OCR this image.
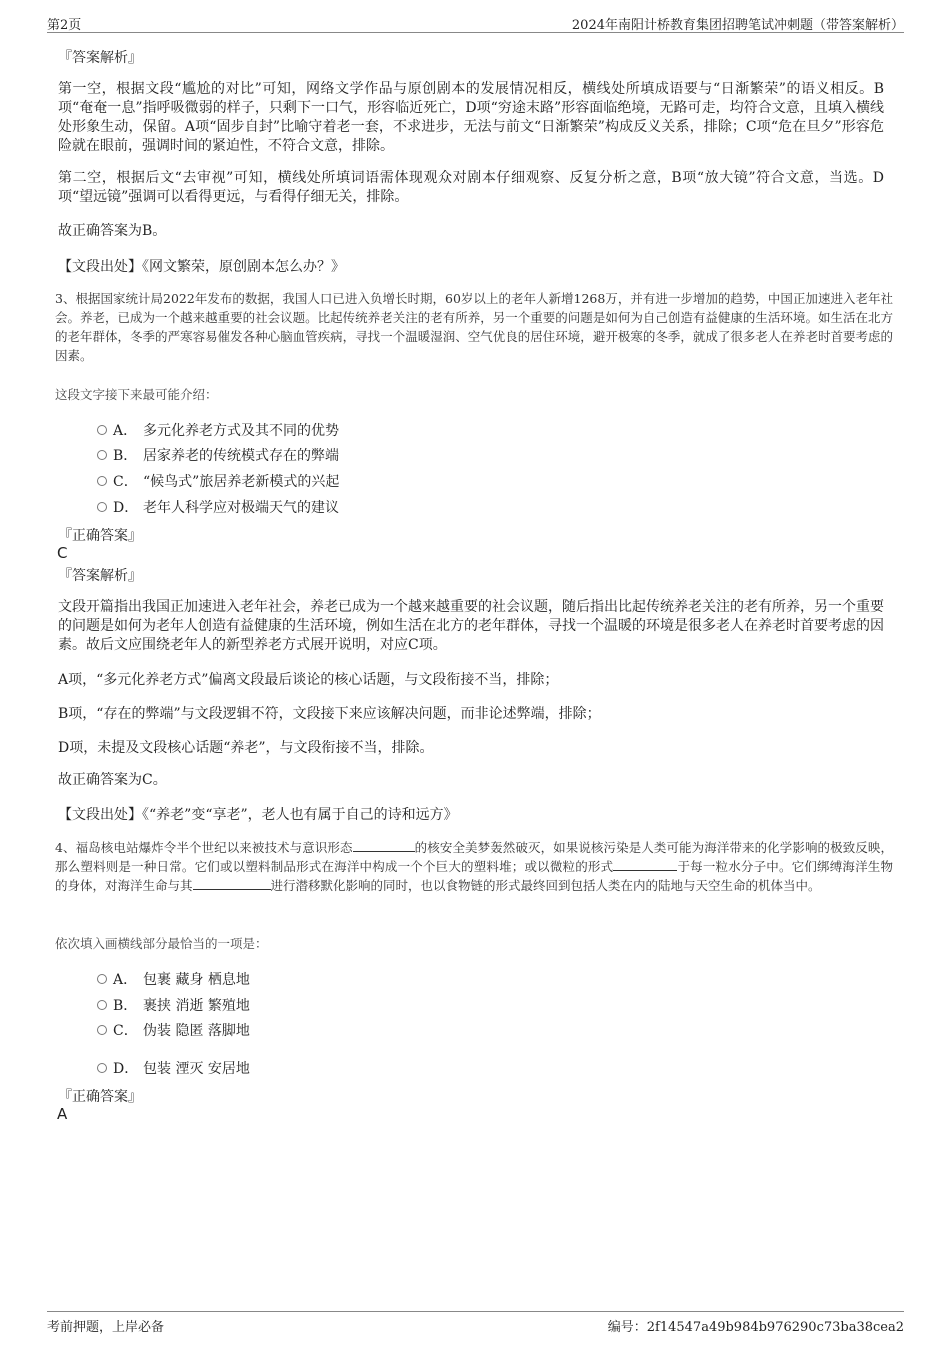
第2页	2024年南阳计桥教育集团招聘笔试冲刺题（带答案解析）
『答案解析』

第一空，根据文段“尴尬的对比”可知，网络文学作品与原创剧本的发展情况相反，横线处所填成语要与“日渐繁荣”的语义相反。B项“奄奄一息”指呼吸微弱的样子，只剩下一口气，形容临近死亡，D项“穷途末路”形容面临绝境，无路可走，均符合文意，且填入横线处形象生动，保留。A项“固步自封”比喻守着老一套，不求进步，无法与前文“日渐繁荣”构成反义关系，排除；C项“危在旦夕”形容危险就在眼前，强调时间的紧迫性，不符合文意，排除。

第二空，根据后文“去审视”可知，横线处所填词语需体现观众对剧本仔细观察、反复分析之意，B项“放大镜”符合文意，当选。D项“望远镜”强调可以看得更远，与看得仔细无关，排除。

故正确答案为B。
【文段出处】《网文繁荣，原创剧本怎么办？》

3、根据国家统计局2022年发布的数据，我国人口已进入负增长时期，60岁以上的老年人新增1268万，并有进一步增加的趋势，中国正加速进入老年社会。养老，已成为一个越来越重要的社会议题。比起传统养老关注的老有所养，另一个重要的问题是如何为自己创造有益健康的生活环境。如生活在北方的老年群体，冬季的严寒容易催发各种心脑血管疾病，寻找一个温暖湿润、空气优良的居住环境，避开极寒的冬季，就成了很多老人在养老时首要考虑的因素。

这段文字接下来最可能介绍：
A． 多元化养老方式及其不同的优势
B． 居家养老的传统模式存在的弊端
C． “候鸟式”旅居养老新模式的兴起
D． 老年人科学应对极端天气的建议
『正确答案』
C
『答案解析』

文段开篇指出我国正加速进入老年社会，养老已成为一个越来越重要的社会议题，随后指出比起传统养老关注的老有所养，另一个重要的问题是如何为老年人创造有益健康的生活环境，例如生活在北方的老年群体，寻找一个温暖的环境是很多老人在养老时首要考虑的因素。故后文应围绕老年人的新型养老方式展开说明，对应C项。

A项，“多元化养老方式”偏离文段最后谈论的核心话题，与文段衔接不当，排除；
B项，“存在的弊端”与文段逻辑不符，文段接下来应该解决问题，而非论述弊端，排除；
D项，未提及文段核心话题“养老”，与文段衔接不当，排除。
故正确答案为C。
【文段出处】《“养老”变“享老”，老人也有属于自己的诗和远方》

4、福岛核电站爆炸令半个世纪以来被技术与意识形态	的核安全美梦轰然破灭，如果说核污染是人类可能为海洋带来的化学影响的极致反映，那么塑料则是一种日常。它们或以塑料制品形式在海洋中构成一个个巨大的塑料堆；或以微粒的形式	于每一粒水分子中。它们绑缚海洋生物的身体，对海洋生命与其	进行潜移默化影响的同时，也以食物链的形式最终回到包括人类在内的陆地与天空生命的机体当中。

依次填入画横线部分最恰当的一项是：
A． 包裹 藏身 栖息地
B． 裹挟 消逝 繁殖地
C． 伪装 隐匿 落脚地
D． 包装 湮灭 安居地
『正确答案』
A
考前押题，上岸必备	编号：2f14547a49b984b976290c73ba38cea2
